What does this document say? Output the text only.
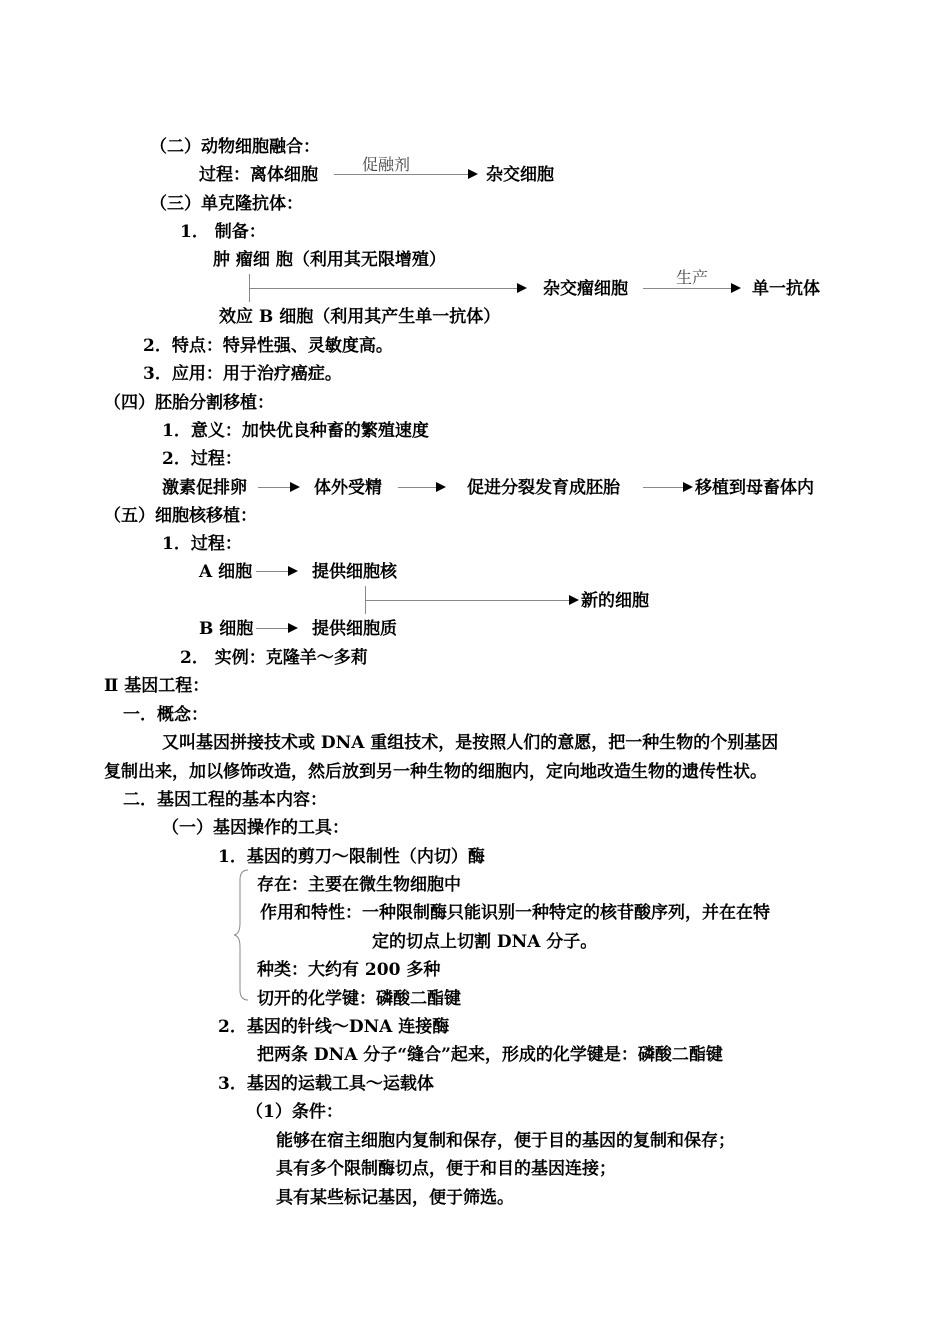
（二）动物细胞融合：
过程：离体细胞
促融剂
杂交细胞
（三）单克隆抗体：
1． 制备：
肿 瘤细 胞（利用其无限增殖）
杂交瘤细胞
生产
单一抗体
效应 B 细胞（利用其产生单一抗体）
2．特点：特异性强、灵敏度高。
3．应用：用于治疗癌症。
（四）胚胎分割移植：
1．意义：加快优良种畜的繁殖速度
2．过程：
激素促排卵	体外受精	促进分裂发育成胚胎	移植到母畜体内
（五）细胞核移植：
1．过程：
A 细胞	提供细胞核
新的细胞
B 细胞	提供细胞质
2． 实例：克隆羊～多莉
Ⅱ 基因工程：
一．概念：
又叫基因拼接技术或 DNA 重组技术，是按照人们的意愿，把一种生物的个别基因
复制出来，加以修饰改造，然后放到另一种生物的细胞内，定向地改造生物的遗传性状。
二．基因工程的基本内容：
（一）基因操作的工具：
1．基因的剪刀～限制性（内切）酶
存在：主要在微生物细胞中
作用和特性：一种限制酶只能识别一种特定的核苷酸序列，并在在特
定的切点上切割 DNA 分子。
种类：大约有 200 多种
切开的化学键：磷酸二酯键
2．基因的针线～DNA 连接酶
把两条 DNA 分子“缝合”起来，形成的化学键是：磷酸二酯键
3．基因的运载工具～运载体
（1）条件：
能够在宿主细胞内复制和保存，便于目的基因的复制和保存；
具有多个限制酶切点，便于和目的基因连接；
具有某些标记基因，便于筛选。
